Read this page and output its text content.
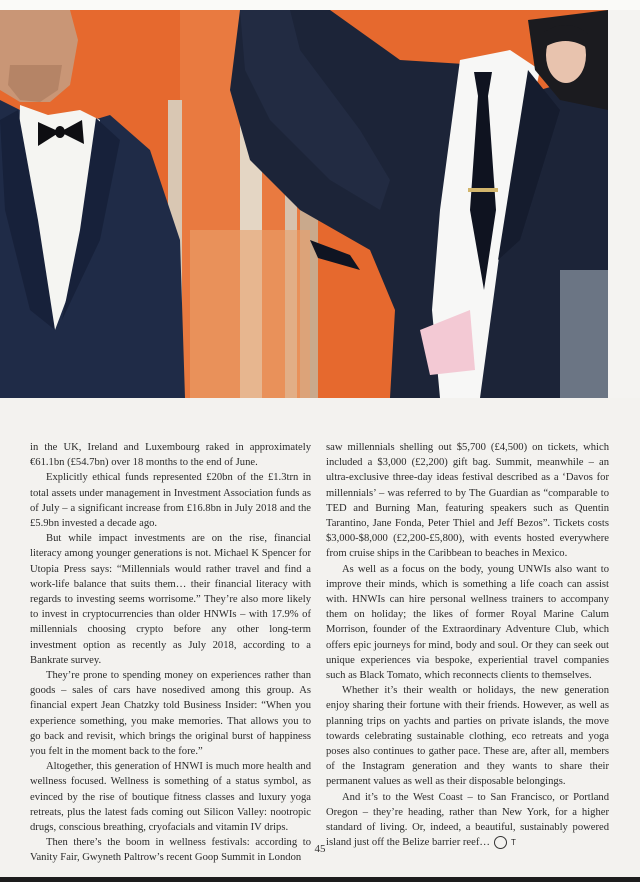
in the UK, Ireland and Luxembourg raked in approximately €61.1bn (£54.7bn) over 18 months to the end of June.

Explicitly ethical funds represented £20bn of the £1.3trn in total assets under management in Investment Association funds as of July – a significant increase from £16.8bn in July 2018 and the £5.9bn invested a decade ago.

But while impact investments are on the rise, financial literacy among younger generations is not. Michael K Spencer for Utopia Press says: “Millennials would rather travel and find a work-life balance that suits them… their financial literacy with regards to investing seems worrisome.” They’re also more likely to invest in cryptocurrencies than older HNWIs – with 17.9% of millennials choosing crypto before any other long-term investment option as recently as July 2018, according to a Bankrate survey.

They’re prone to spending money on experiences rather than goods – sales of cars have nosedived among this group. As financial expert Jean Chatzky told Business Insider: “When you experience something, you make memories. That allows you to go back and revisit, which brings the original burst of happiness you felt in the moment back to the fore.”

Altogether, this generation of HNWI is much more health and wellness focused. Wellness is something of a status symbol, as evinced by the rise of boutique fitness classes and luxury yoga retreats, plus the latest fads coming out Silicon Valley: nootropic drugs, conscious breathing, cryofacials and vitamin IV drips.

Then there’s the boom in wellness festivals: according to Vanity Fair, Gwyneth Paltrow’s recent Goop Summit in London

saw millennials shelling out $5,700 (£4,500) on tickets, which included a $3,000 (£2,200) gift bag. Summit, meanwhile – an ultra-exclusive three-day ideas festival described as a ‘Davos for millennials’ – was referred to by The Guardian as “comparable to TED and Burning Man, featuring speakers such as Quentin Tarantino, Jane Fonda, Peter Thiel and Jeff Bezos”. Tickets costs $3,000-$8,000 (£2,200-£5,800), with events hosted everywhere from cruise ships in the Caribbean to beaches in Mexico.

As well as a focus on the body, young UNWIs also want to improve their minds, which is something a life coach can assist with. HNWIs can hire personal wellness trainers to accompany them on holiday; the likes of former Royal Marine Calum Morrison, founder of the Extraordinary Adventure Club, which offers epic journeys for mind, body and soul. Or they can seek out unique experiences via bespoke, experiential travel companies such as Black Tomato, which reconnects clients to themselves.

Whether it’s their wealth or holidays, the new generation enjoy sharing their fortune with their friends. However, as well as planning trips on yachts and parties on private islands, the move towards celebrating sustainable clothing, eco retreats and yoga poses also continues to gather pace. These are, after all, members of the Instagram generation and they wants to share their permanent values as well as their disposable belongings.

And it’s to the West Coast – to San Francisco, or Portland Oregon – they’re heading, rather than New York, for a higher standard of living. Or, indeed, a beautiful, sustainably powered island just off the Belize barrier reef…	T

45
